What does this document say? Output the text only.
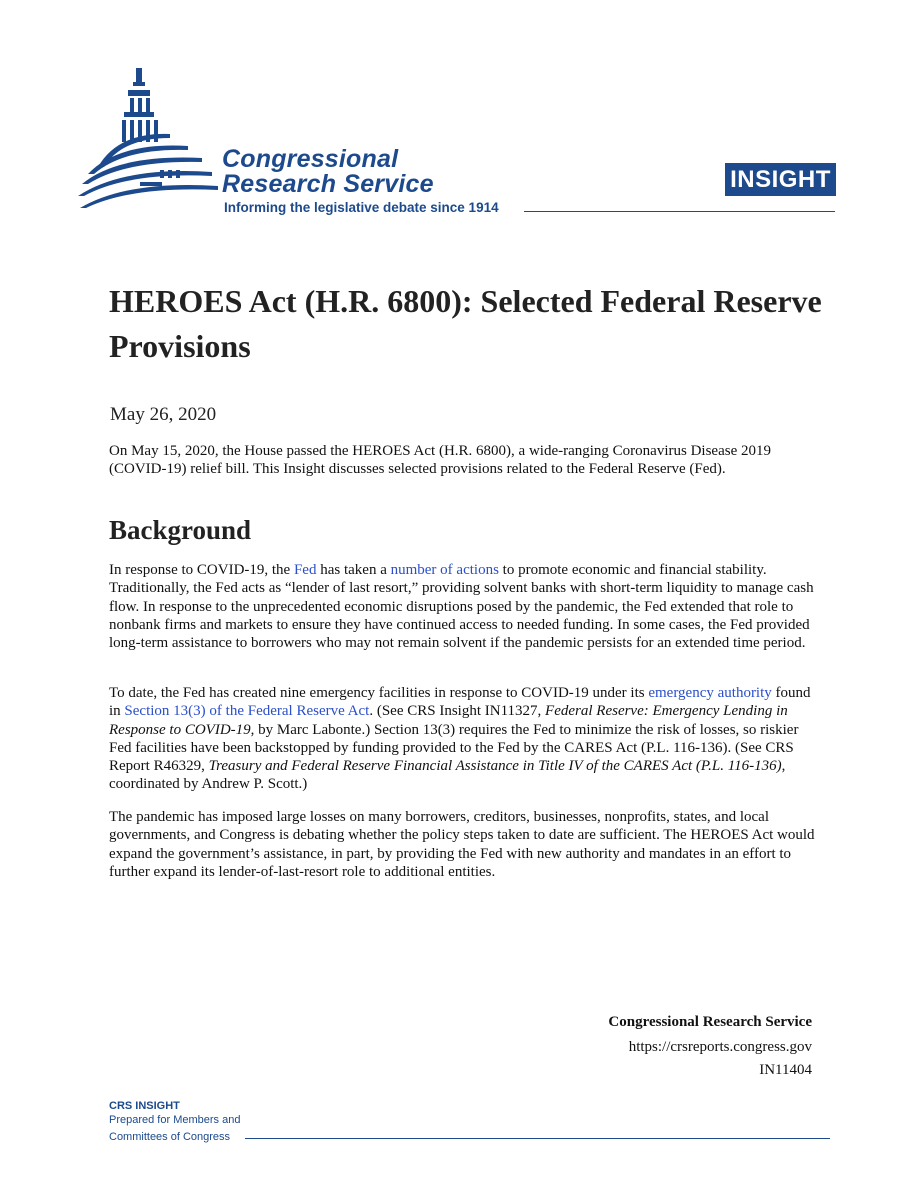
Congressional
Research Service
Informing the legislative debate since 1914
INSIGHT
HEROES Act (H.R. 6800): Selected Federal Reserve Provisions
May 26, 2020

On May 15, 2020, the House passed the HEROES Act (H.R. 6800), a wide-ranging Coronavirus Disease 2019 (COVID-19) relief bill. This Insight discusses selected provisions related to the Federal Reserve (Fed).

Background

In response to COVID-19, the Fed has taken a number of actions to promote economic and financial stability. Traditionally, the Fed acts as “lender of last resort,” providing solvent banks with short-term liquidity to manage cash flow. In response to the unprecedented economic disruptions posed by the pandemic, the Fed extended that role to nonbank firms and markets to ensure they have continued access to needed funding. In some cases, the Fed provided long-term assistance to borrowers who may not remain solvent if the pandemic persists for an extended time period.

To date, the Fed has created nine emergency facilities in response to COVID-19 under its emergency authority found in Section 13(3) of the Federal Reserve Act. (See CRS Insight IN11327, Federal Reserve: Emergency Lending in Response to COVID-19, by Marc Labonte.) Section 13(3) requires the Fed to minimize the risk of losses, so riskier Fed facilities have been backstopped by funding provided to the Fed by the CARES Act (P.L. 116-136). (See CRS Report R46329, Treasury and Federal Reserve Financial Assistance in Title IV of the CARES Act (P.L. 116-136), coordinated by Andrew P. Scott.)

The pandemic has imposed large losses on many borrowers, creditors, businesses, nonprofits, states, and local governments, and Congress is debating whether the policy steps taken to date are sufficient. The HEROES Act would expand the government’s assistance, in part, by providing the Fed with new authority and mandates in an effort to further expand its lender-of-last-resort role to additional entities.

Congressional Research Service
https://crsreports.congress.gov
IN11404
CRS INSIGHT
Prepared for Members and
Committees of Congress
